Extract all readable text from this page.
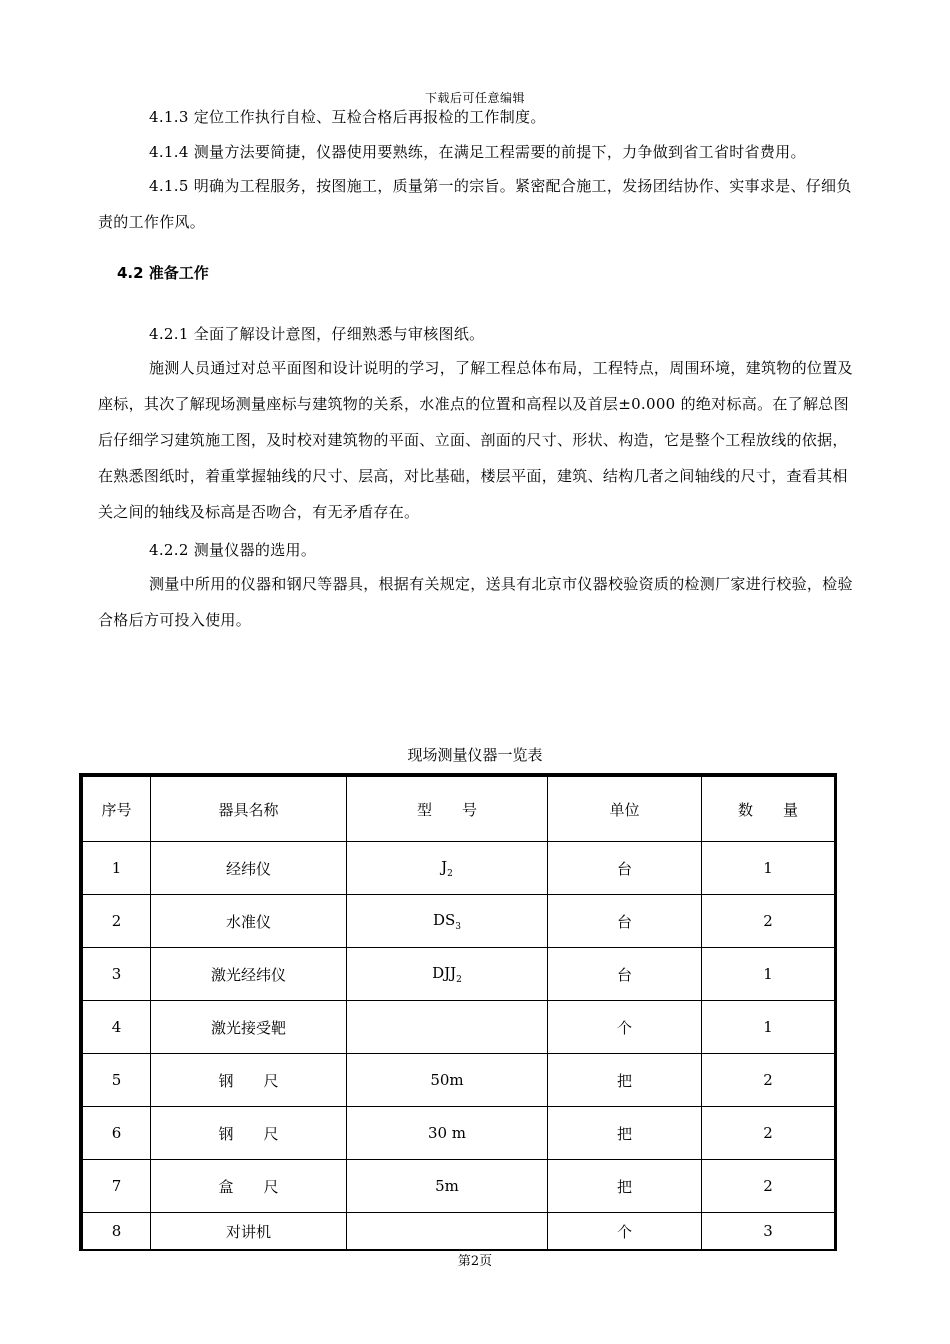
下载后可任意编辑

4.1.3 定位工作执行自检、互检合格后再报检的工作制度。

4.1.4 测量方法要简捷，仪器使用要熟练，在满足工程需要的前提下，力争做到省工省时省费用。

4.1.5 明确为工程服务，按图施工，质量第一的宗旨。紧密配合施工，发扬团结协作、实事求是、仔细负责的工作作风。

4.2 准备工作

4.2.1 全面了解设计意图，仔细熟悉与审核图纸。

施测人员通过对总平面图和设计说明的学习，了解工程总体布局，工程特点，周围环境，建筑物的位置及座标，其次了解现场测量座标与建筑物的关系，水准点的位置和高程以及首层±0.000 的绝对标高。在了解总图后仔细学习建筑施工图，及时校对建筑物的平面、立面、剖面的尺寸、形状、构造，它是整个工程放线的依据，在熟悉图纸时，着重掌握轴线的尺寸、层高，对比基础，楼层平面，建筑、结构几者之间轴线的尺寸，查看其相关之间的轴线及标高是否吻合，有无矛盾存在。

4.2.2 测量仪器的选用。

测量中所用的仪器和钢尺等器具，根据有关规定，送具有北京市仪器校验资质的检测厂家进行校验，检验合格后方可投入使用。

现场测量仪器一览表
序号	器具名称	型　　号	单位	数　　量
1	经纬仪	$J_2$	台	1
2	水准仪	$DS_3$	台	2
3	激光经纬仪	$DJJ_2$	台	1
4	激光接受靶		个	1
5	钢　　尺	50m	把	2
6	钢　　尺	30 m	把	2
7	盒　　尺	5m	把	2
8	对讲机		个	3
第2页
